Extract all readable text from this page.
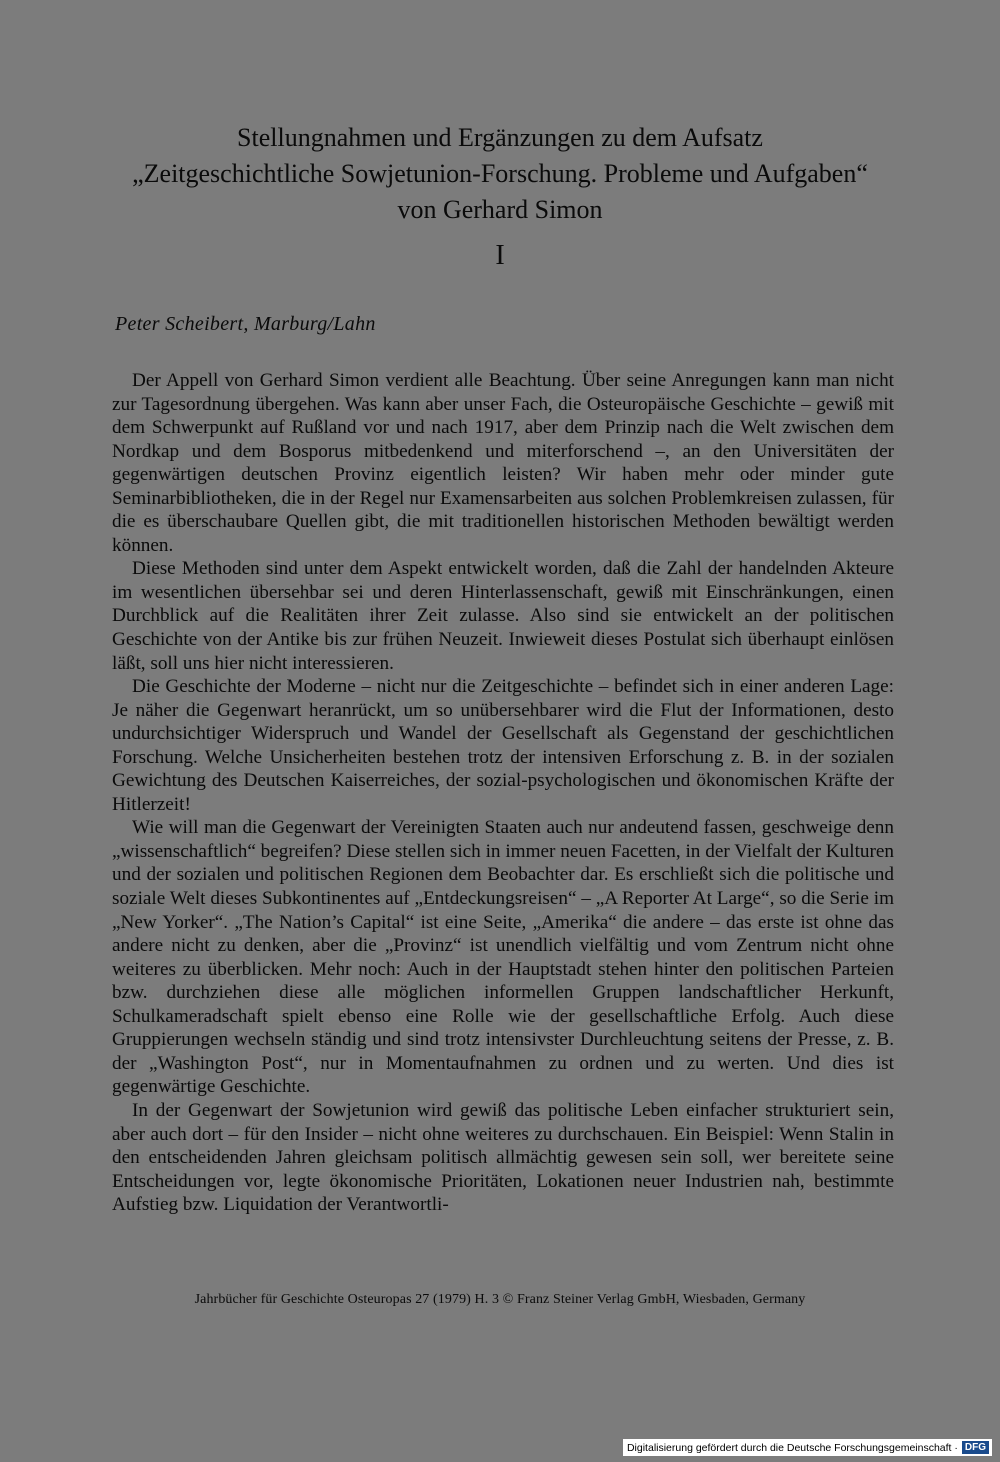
Stellungnahmen und Ergänzungen zu dem Aufsatz
„Zeitgeschichtliche Sowjetunion-Forschung. Probleme und Aufgaben“
von Gerhard Simon
I
Peter Scheibert, Marburg/Lahn

Der Appell von Gerhard Simon verdient alle Beachtung. Über seine Anregungen kann man nicht zur Tagesordnung übergehen. Was kann aber unser Fach, die Osteuropäische Geschichte – gewiß mit dem Schwerpunkt auf Rußland vor und nach 1917, aber dem Prinzip nach die Welt zwischen dem Nordkap und dem Bosporus mitbedenkend und miterforschend –, an den Universitäten der gegenwärtigen deutschen Provinz eigentlich leisten? Wir haben mehr oder minder gute Seminarbibliotheken, die in der Regel nur Examensarbeiten aus solchen Problemkreisen zulassen, für die es überschaubare Quellen gibt, die mit traditionellen historischen Methoden bewältigt werden können.

Diese Methoden sind unter dem Aspekt entwickelt worden, daß die Zahl der handelnden Akteure im wesentlichen übersehbar sei und deren Hinterlassenschaft, gewiß mit Einschränkungen, einen Durchblick auf die Realitäten ihrer Zeit zulasse. Also sind sie entwickelt an der politischen Geschichte von der Antike bis zur frühen Neuzeit. Inwieweit dieses Postulat sich überhaupt einlösen läßt, soll uns hier nicht interessieren.

Die Geschichte der Moderne – nicht nur die Zeitgeschichte – befindet sich in einer anderen Lage: Je näher die Gegenwart heranrückt, um so unübersehbarer wird die Flut der Informationen, desto undurchsichtiger Widerspruch und Wandel der Gesellschaft als Gegenstand der geschichtlichen Forschung. Welche Unsicherheiten bestehen trotz der intensiven Erforschung z. B. in der sozialen Gewichtung des Deutschen Kaiserreiches, der sozial-psychologischen und ökonomischen Kräfte der Hitlerzeit!

Wie will man die Gegenwart der Vereinigten Staaten auch nur andeutend fassen, geschweige denn „wissenschaftlich“ begreifen? Diese stellen sich in immer neuen Facetten, in der Vielfalt der Kulturen und der sozialen und politischen Regionen dem Beobachter dar. Es erschließt sich die politische und soziale Welt dieses Subkontinentes auf „Entdeckungsreisen“ – „A Reporter At Large“, so die Serie im „New Yorker“. „The Nation’s Capital“ ist eine Seite, „Amerika“ die andere – das erste ist ohne das andere nicht zu denken, aber die „Provinz“ ist unendlich vielfältig und vom Zentrum nicht ohne weiteres zu überblicken. Mehr noch: Auch in der Hauptstadt stehen hinter den politischen Parteien bzw. durchziehen diese alle möglichen informellen Gruppen landschaftlicher Herkunft, Schulkameradschaft spielt ebenso eine Rolle wie der gesellschaftliche Erfolg. Auch diese Gruppierungen wechseln ständig und sind trotz intensivster Durchleuchtung seitens der Presse, z. B. der „Washington Post“, nur in Momentaufnahmen zu ordnen und zu werten. Und dies ist gegenwärtige Geschichte.

In der Gegenwart der Sowjetunion wird gewiß das politische Leben einfacher strukturiert sein, aber auch dort – für den Insider – nicht ohne weiteres zu durchschauen. Ein Beispiel: Wenn Stalin in den entscheidenden Jahren gleichsam politisch allmächtig gewesen sein soll, wer bereitete seine Entscheidungen vor, legte ökonomische Prioritäten, Lokationen neuer Industrien nah, bestimmte Aufstieg bzw. Liquidation der Verantwortli-

Jahrbücher für Geschichte Osteuropas 27 (1979) H. 3 © Franz Steiner Verlag GmbH, Wiesbaden, Germany
Digitalisierung gefördert durch die Deutsche Forschungsgemeinschaft · DFG
